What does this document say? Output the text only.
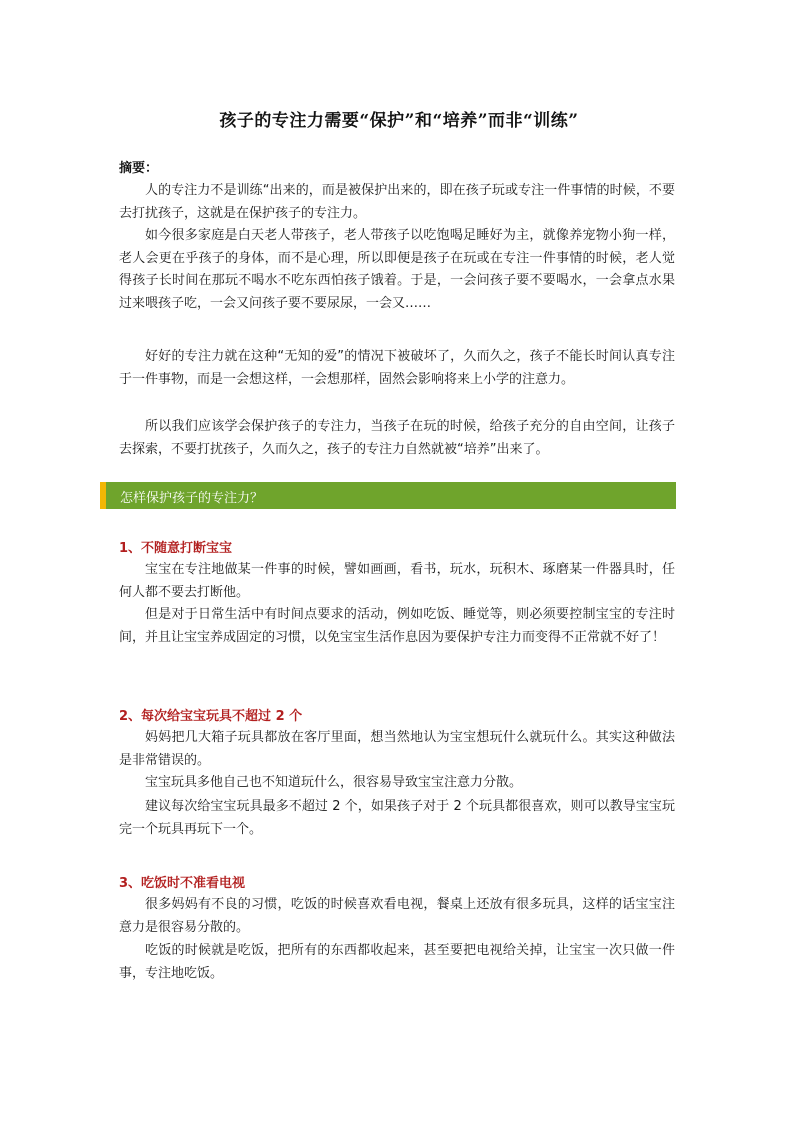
孩子的专注力需要“保护”和“培养”而非“训练”
摘要：
人的专注力不是训练“出来的，而是被保护出来的，即在孩子玩或专注一件事情的时候，不要去打扰孩子，这就是在保护孩子的专注力。
如今很多家庭是白天老人带孩子，老人带孩子以吃饱喝足睡好为主，就像养宠物小狗一样，老人会更在乎孩子的身体，而不是心理，所以即便是孩子在玩或在专注一件事情的时候，老人觉得孩子长时间在那玩不喝水不吃东西怕孩子饿着。于是，一会问孩子要不要喝水，一会拿点水果过来喂孩子吃，一会又问孩子要不要尿尿，一会又……
好好的专注力就在这种“无知的爱”的情况下被破坏了，久而久之，孩子不能长时间认真专注于一件事物，而是一会想这样，一会想那样，固然会影响将来上小学的注意力。
所以我们应该学会保护孩子的专注力，当孩子在玩的时候，给孩子充分的自由空间，让孩子去探索，不要打扰孩子，久而久之，孩子的专注力自然就被“培养”出来了。
1、不随意打断宝宝
宝宝在专注地做某一件事的时候，譬如画画，看书，玩水，玩积木、琢磨某一件器具时，任何人都不要去打断他。
但是对于日常生活中有时间点要求的活动，例如吃饭、睡觉等，则必须要控制宝宝的专注时间，并且让宝宝养成固定的习惯，以免宝宝生活作息因为要保护专注力而变得不正常就不好了！
2、每次给宝宝玩具不超过 2 个
妈妈把几大箱子玩具都放在客厅里面，想当然地认为宝宝想玩什么就玩什么。其实这种做法是非常错误的。
宝宝玩具多他自己也不知道玩什么，很容易导致宝宝注意力分散。
建议每次给宝宝玩具最多不超过 2 个，如果孩子对于 2 个玩具都很喜欢，则可以教导宝宝玩完一个玩具再玩下一个。
3、吃饭时不准看电视
很多妈妈有不良的习惯，吃饭的时候喜欢看电视，餐桌上还放有很多玩具，这样的话宝宝注意力是很容易分散的。
吃饭的时候就是吃饭，把所有的东西都收起来，甚至要把电视给关掉，让宝宝一次只做一件事，专注地吃饭。
怎样保护孩子的专注力？
